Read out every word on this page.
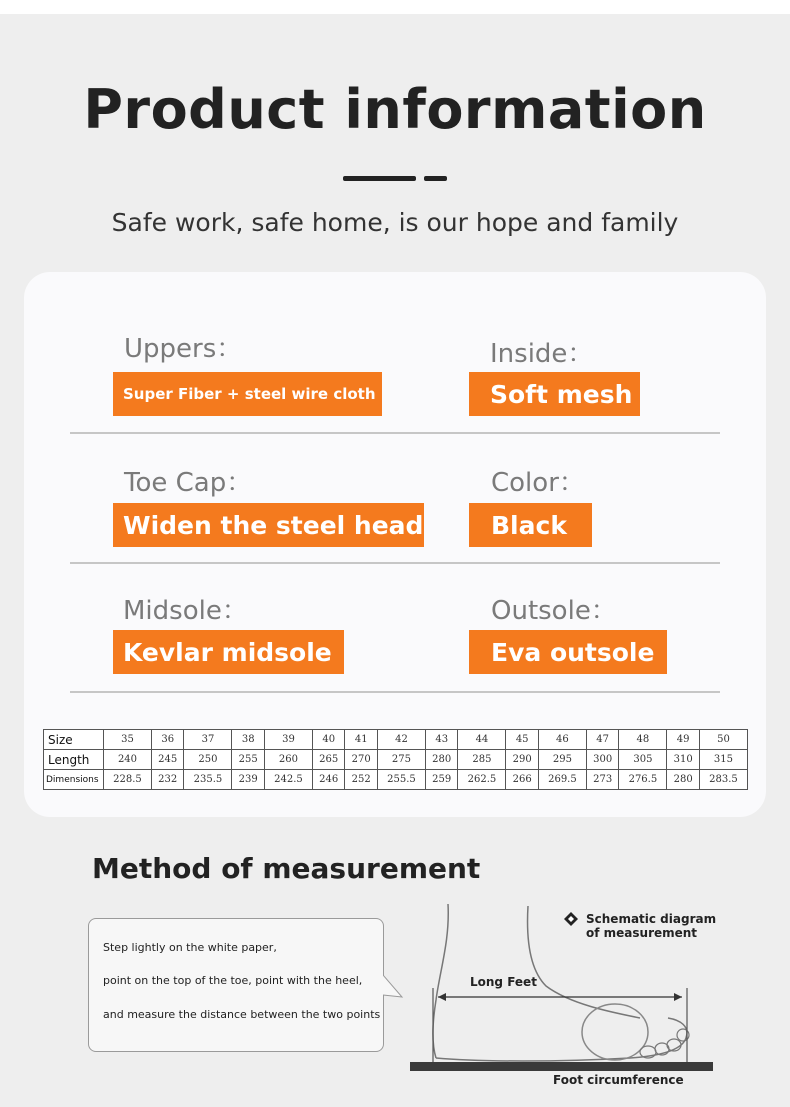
Product information
Safe work, safe home, is our hope and family
Uppers：
Super Fiber + steel wire cloth
Inside：
Soft mesh
Toe Cap：
Widen the steel head
Color：
Black
Midsole：
Kevlar midsole
Outsole：
Eva outsole
Size	35	36	37	38	39	40	41	42	43	44	45	46	47	48	49	50
Length	240	245	250	255	260	265	270	275	280	285	290	295	300	305	310	315
Dimensions	228.5	232	235.5	239	242.5	246	252	255.5	259	262.5	266	269.5	273	276.5	280	283.5
Method of measurement
Step lightly on the white paper,
point on the top of the toe, point with the heel,
and measure the distance between the two points
Schematic diagram
of measurement
Long Feet
Foot circumference
